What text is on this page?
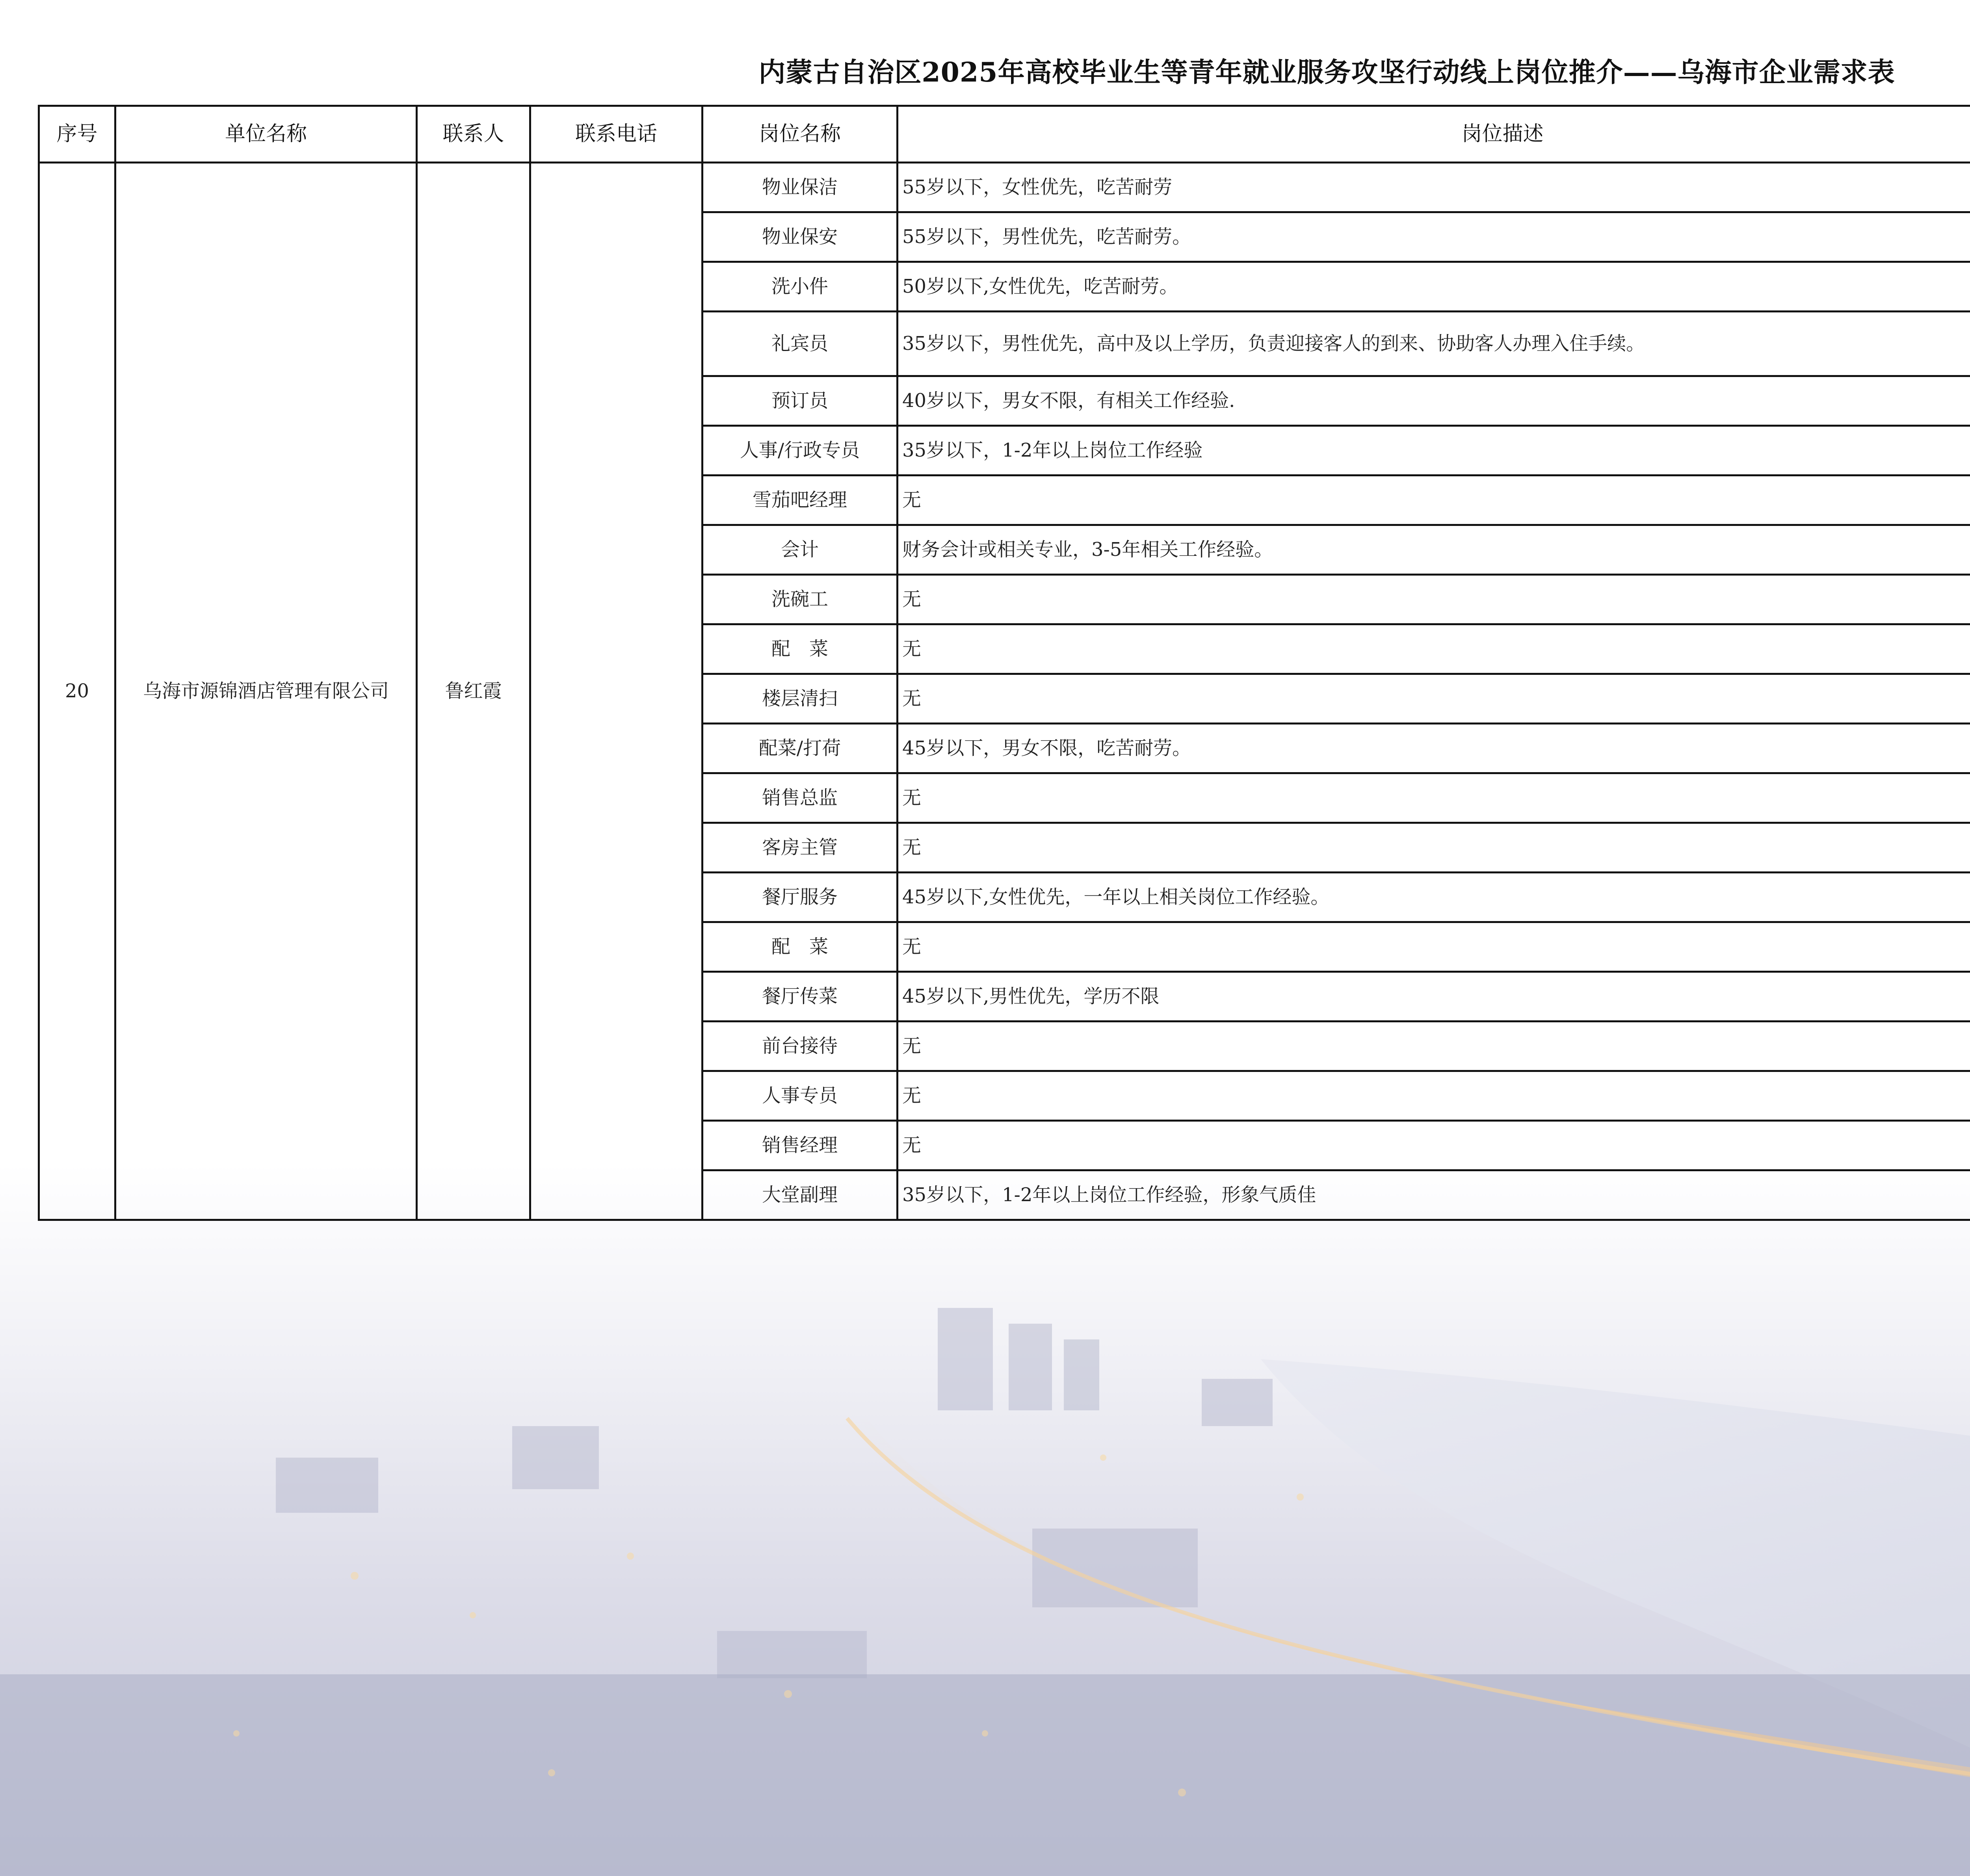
内蒙古自治区2025年高校毕业生等青年就业服务攻坚行动线上岗位推介——乌海市企业需求表
序号	单位名称	联系人	联系电话	岗位名称	岗位描述				
20	乌海市源锦酒店管理有限公司	鲁红霞		物业保洁	55岁以下，女性优先，吃苦耐劳				
				物业保安	55岁以下，男性优先，吃苦耐劳。				
				洗小件	50岁以下,女性优先，吃苦耐劳。				
				礼宾员	35岁以下，男性优先，高中及以上学历，负责迎接客人的到来、协助客人办理入住手续。				
				预订员	40岁以下，男女不限，有相关工作经验.				
				人事/行政专员	35岁以下，1-2年以上岗位工作经验				
				雪茄吧经理	无				
				会计	财务会计或相关专业，3-5年相关工作经验。				
				洗碗工	无				
				配　菜	无				
				楼层清扫	无				
				配菜/打荷	45岁以下，男女不限，吃苦耐劳。				
				销售总监	无				
				客房主管	无				
				餐厅服务	45岁以下,女性优先，一年以上相关岗位工作经验。				
				配　菜	无				
				餐厅传菜	45岁以下,男性优先，学历不限				
				前台接待	无				
				人事专员	无				
				销售经理	无				
				大堂副理	35岁以下，1-2年以上岗位工作经验，形象气质佳				
